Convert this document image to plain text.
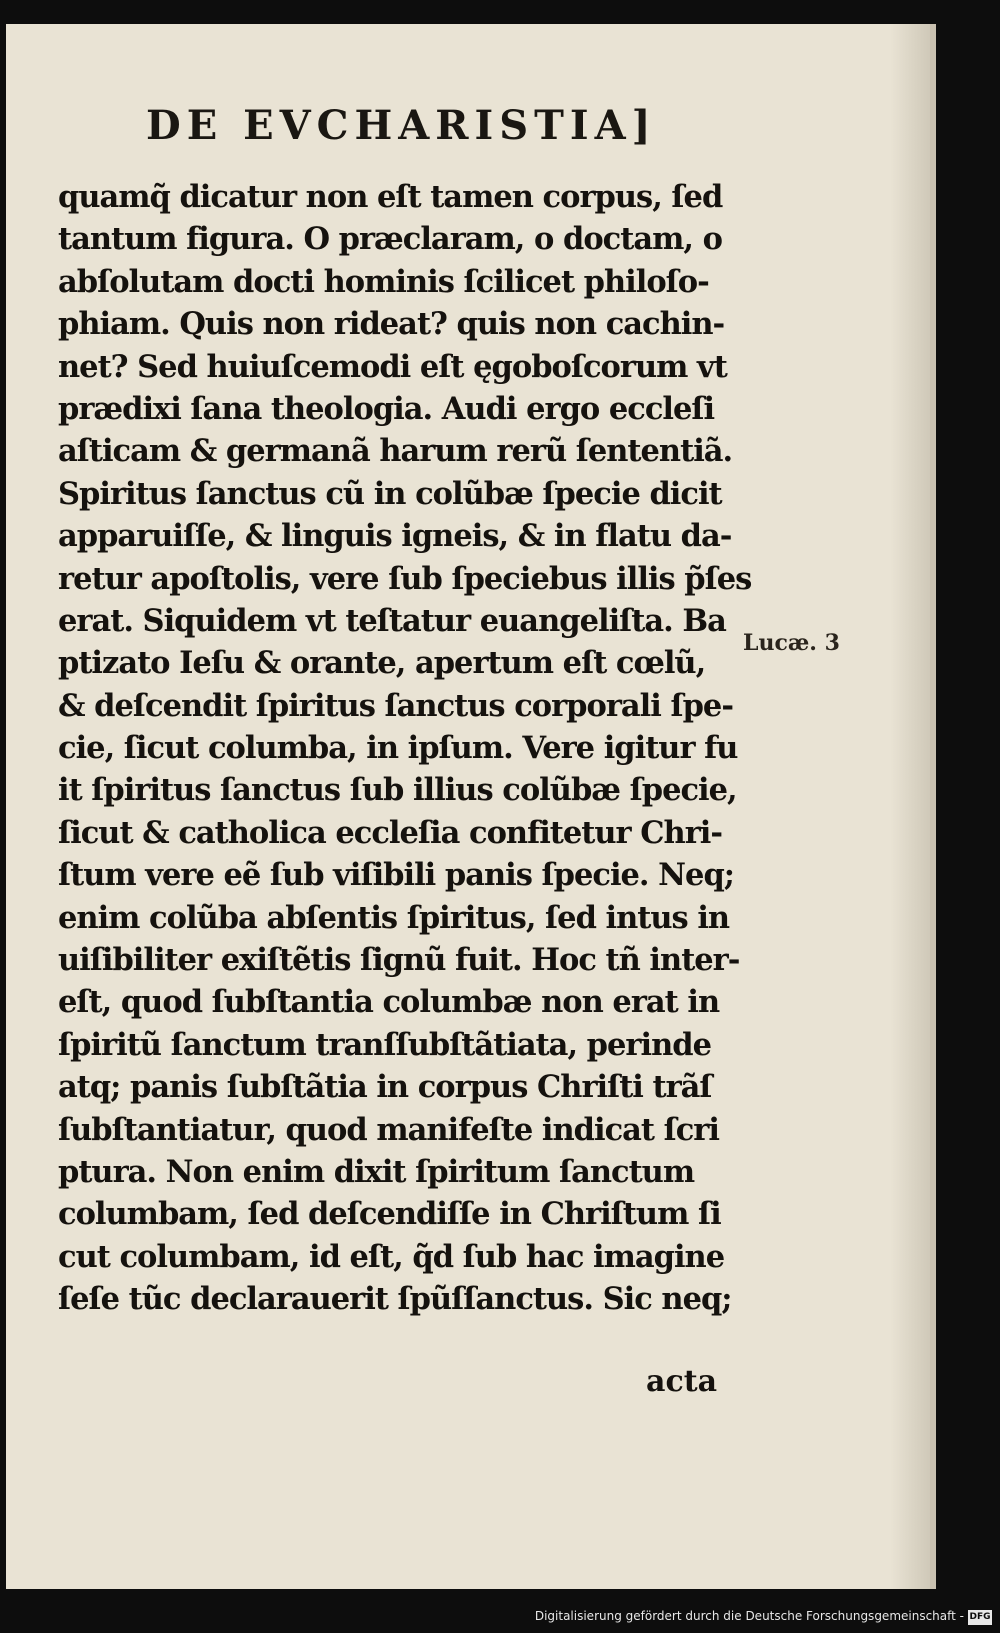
DE EVCHARISTIA]
quamq̃ dicatur non eſt tamen corpus, ſed
tantum figura. O præclaram, o doctam, o
abſolutam docti hominis ſcilicet philoſo-
phiam. Quis non rideat? quis non cachin-
net? Sed huiuſcemodi eſt ęgoboſcorum vt
prædixi ſana theologia. Audi ergo eccleſi
aſticam & germanã harum rerũ ſententiã.
Spiritus ſanctus cũ in colũbæ ſpecie dicit
apparuiſſe, & linguis igneis, & in flatu da-
retur apoſtolis, vere ſub ſpeciebus illis p̃ſes
erat. Siquidem vt teſtatur euangeliſta. Ba
ptizato Ieſu & orante, apertum eſt cœlũ,
& deſcendit ſpiritus ſanctus corporali ſpe-
cie, ſicut columba, in ipſum. Vere igitur fu
it ſpiritus ſanctus ſub illius colũbæ ſpecie,
ſicut & catholica eccleſia confitetur Chri-
ſtum vere eẽ ſub viſibili panis ſpecie. Neq;
enim colũba abſentis ſpiritus, ſed intus in
uiſibiliter exiſtẽtis ſignũ fuit. Hoc tñ inter-
eſt, quod ſubſtantia columbæ non erat in
ſpiritũ ſanctum tranſſubſtãtiata, perinde
atq; panis ſubſtãtia in corpus Chriſti trãſ
ſubſtantiatur, quod manifeſte indicat ſcri
ptura. Non enim dixit ſpiritum ſanctum
columbam, ſed deſcendiſſe in Chriſtum ſi
cut columbam, id eſt, q̃d ſub hac imagine
ſeſe tũc declarauerit ſpũſſanctus. Sic neq;
Lucæ. 3
acta
Digitalisierung gefördert durch die Deutsche Forschungsgemeinschaft - DFG
